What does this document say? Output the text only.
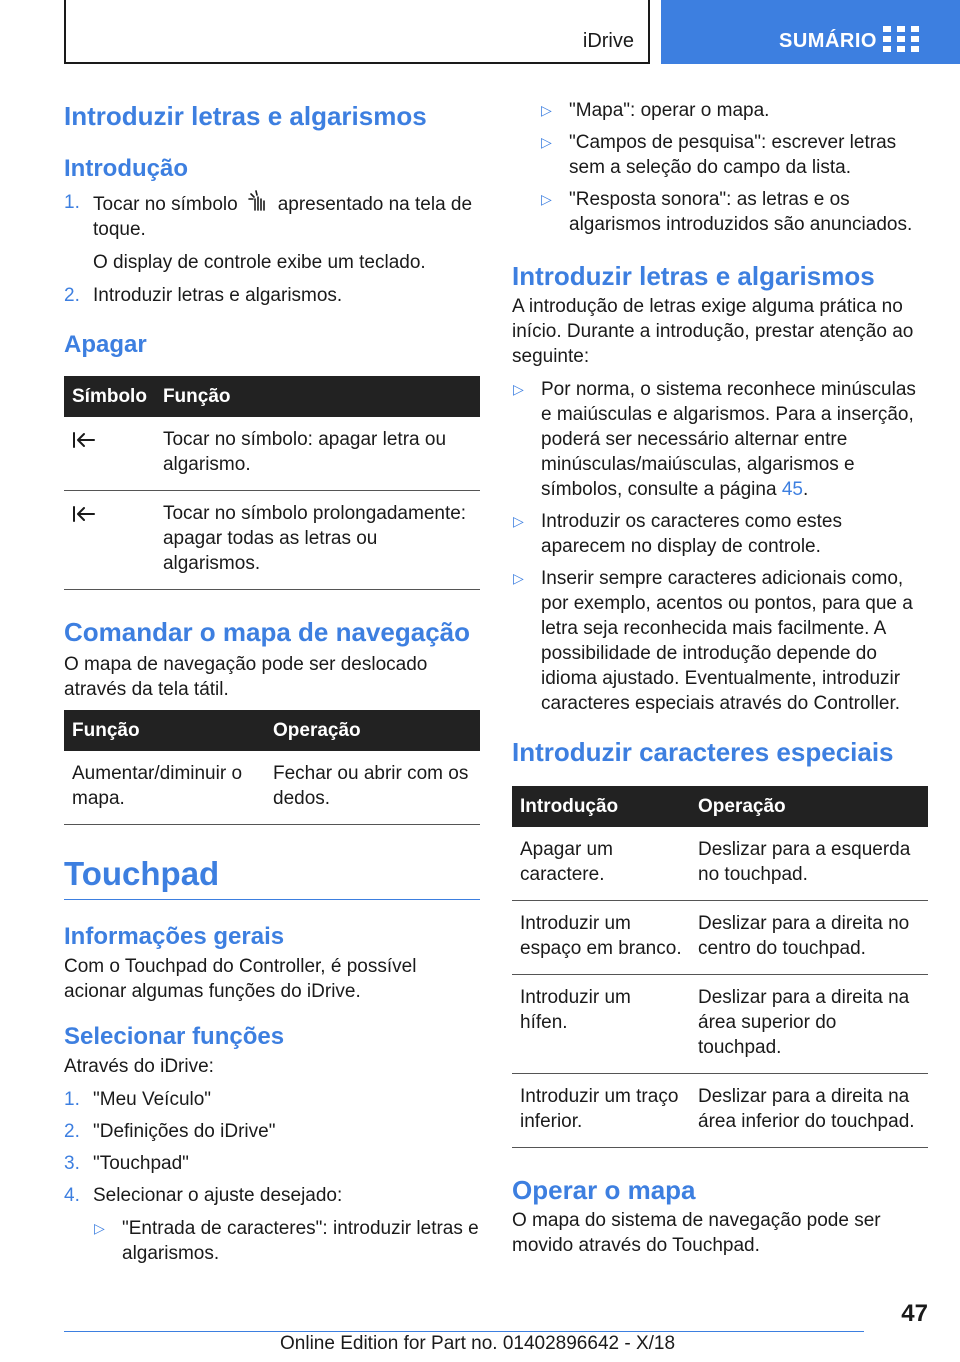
iDrive	SUMÁRIO
Introduzir letras e algarismos
Introdução
1. Tocar no símbolo apresentado na tela de toque.

O display de controle exibe um teclado.

2. Introduzir letras e algarismos.
Apagar
Símbolo	Função
	Tocar no símbolo: apagar letra ou algarismo.
	Tocar no símbolo prolongadamente: apagar todas as letras ou algarismos.
Comandar o mapa de navegação

O mapa de navegação pode ser deslocado através da tela tátil.

Função	Operação
Aumentar/diminuir o mapa.	Fechar ou abrir com os dedos.
Touchpad
Informações gerais

Com o Touchpad do Controller, é possível acionar algumas funções do iDrive.

Selecionar funções

Através do iDrive:

1. "Meu Veículo"
2. "Definições do iDrive"
3. "Touchpad"
4. Selecionar o ajuste desejado:
▷ "Entrada de caracteres": introduzir letras e algarismos.
▷ "Mapa": operar o mapa.
▷ "Campos de pesquisa": escrever letras sem a seleção do campo da lista.
▷ "Resposta sonora": as letras e os algarismos introduzidos são anunciados.
Introduzir letras e algarismos

A introdução de letras exige alguma prática no início. Durante a introdução, prestar atenção ao seguinte:

▷ Por norma, o sistema reconhece minúsculas e maiúsculas e algarismos. Para a inserção, poderá ser necessário alternar entre minúsculas/maiúsculas, algarismos e símbolos, consulte a página 45.
▷ Introduzir os caracteres como estes aparecem no display de controle.
▷ Inserir sempre caracteres adicionais como, por exemplo, acentos ou pontos, para que a letra seja reconhecida mais facilmente. A possibilidade de introdução depende do idioma ajustado. Eventualmente, introduzir caracteres especiais através do Controller.
Introduzir caracteres especiais
Introdução	Operação
Apagar um caractere.	Deslizar para a esquerda no touchpad.
Introduzir um espaço em branco.	Deslizar para a direita no centro do touchpad.
Introduzir um hífen.	Deslizar para a direita na área superior do touchpad.
Introduzir um traço inferior.	Deslizar para a direita na área inferior do touchpad.
Operar o mapa

O mapa do sistema de navegação pode ser movido através do Touchpad.

47
Online Edition for Part no. 01402896642 - X/18
